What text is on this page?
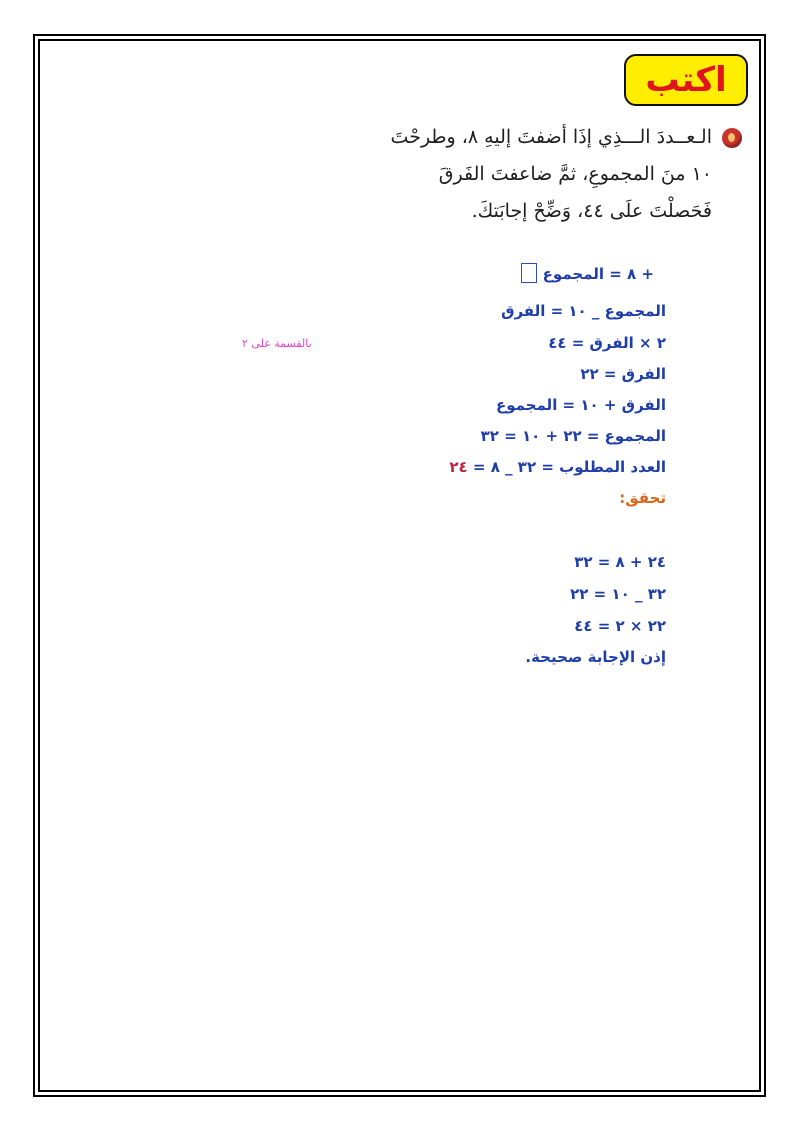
اكتب
الـعــددَ الـــذِي إذَا أضفتَ إليهِ ٨، وطرحْتَ
١٠ منَ المجموعِ، ثمَّ ضاعفتَ الفَرقَ
فَحَصلْتَ علَى ٤٤، وَضِّحْ إجابَتكَ.
+ ٨ = المجموع
المجموع _ ١٠ = الفرق
٢ × الفرق = ٤٤
الفرق = ٢٢
الفرق + ١٠ = المجموع
المجموع = ٢٢ + ١٠ = ٣٢
العدد المطلوب = ٣٢ _ ٨ = ٢٤
تحقق:
٢٤ + ٨ = ٣٢
٣٢ _ ١٠ = ٢٢
٢٢ × ٢ = ٤٤
إذن الإجابة صحيحة.
بالقسمة على ٢
